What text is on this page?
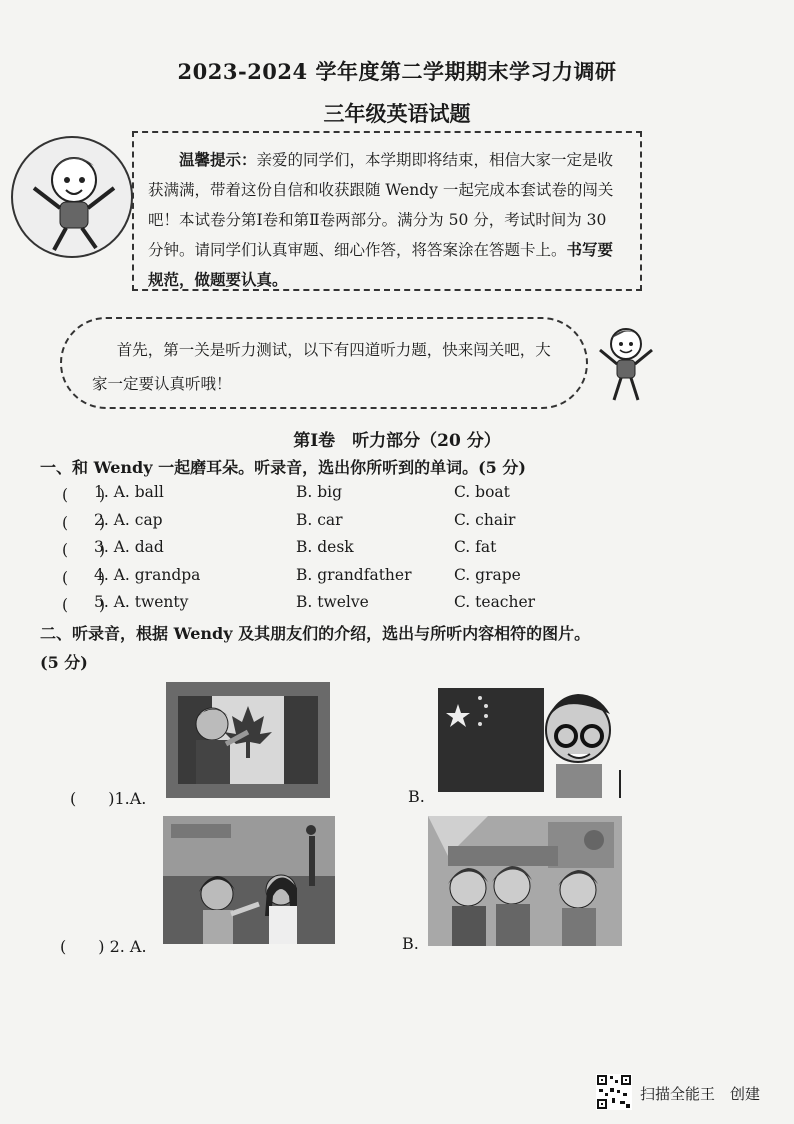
2023-2024 学年度第二学期期末学习力调研
三年级英语试题
温馨提示：亲爱的同学们，本学期即将结束，相信大家一定是收获满满，带着这份自信和收获跟随 Wendy 一起完成本套试卷的闯关吧！本试卷分第Ⅰ卷和第Ⅱ卷两部分。满分为 50 分，考试时间为 30 分钟。请同学们认真审题、细心作答，将答案涂在答题卡上。书写要规范，做题要认真。
首先，第一关是听力测试，以下有四道听力题，快来闯关吧，大家一定要认真听哦！
第Ⅰ卷　听力部分（20 分）
一、和 Wendy 一起磨耳朵。听录音，选出你所听到的单词。(5 分)
(　　)
1. A. ball	B. big	C. boat
(　　)
2. A. cap	B. car	C. chair
(　　)
3. A. dad	B. desk	C. fat
(　　)
4. A. grandpa	B. grandfather	C. grape
(　　)
5. A. twenty	B. twelve	C. teacher
二、听录音，根据 Wendy 及其朋友们的介绍，选出与所听内容相符的图片。
(5 分)
(　　)1.A.	B.
(　　) 2. A.	B.
扫描全能王　创建
